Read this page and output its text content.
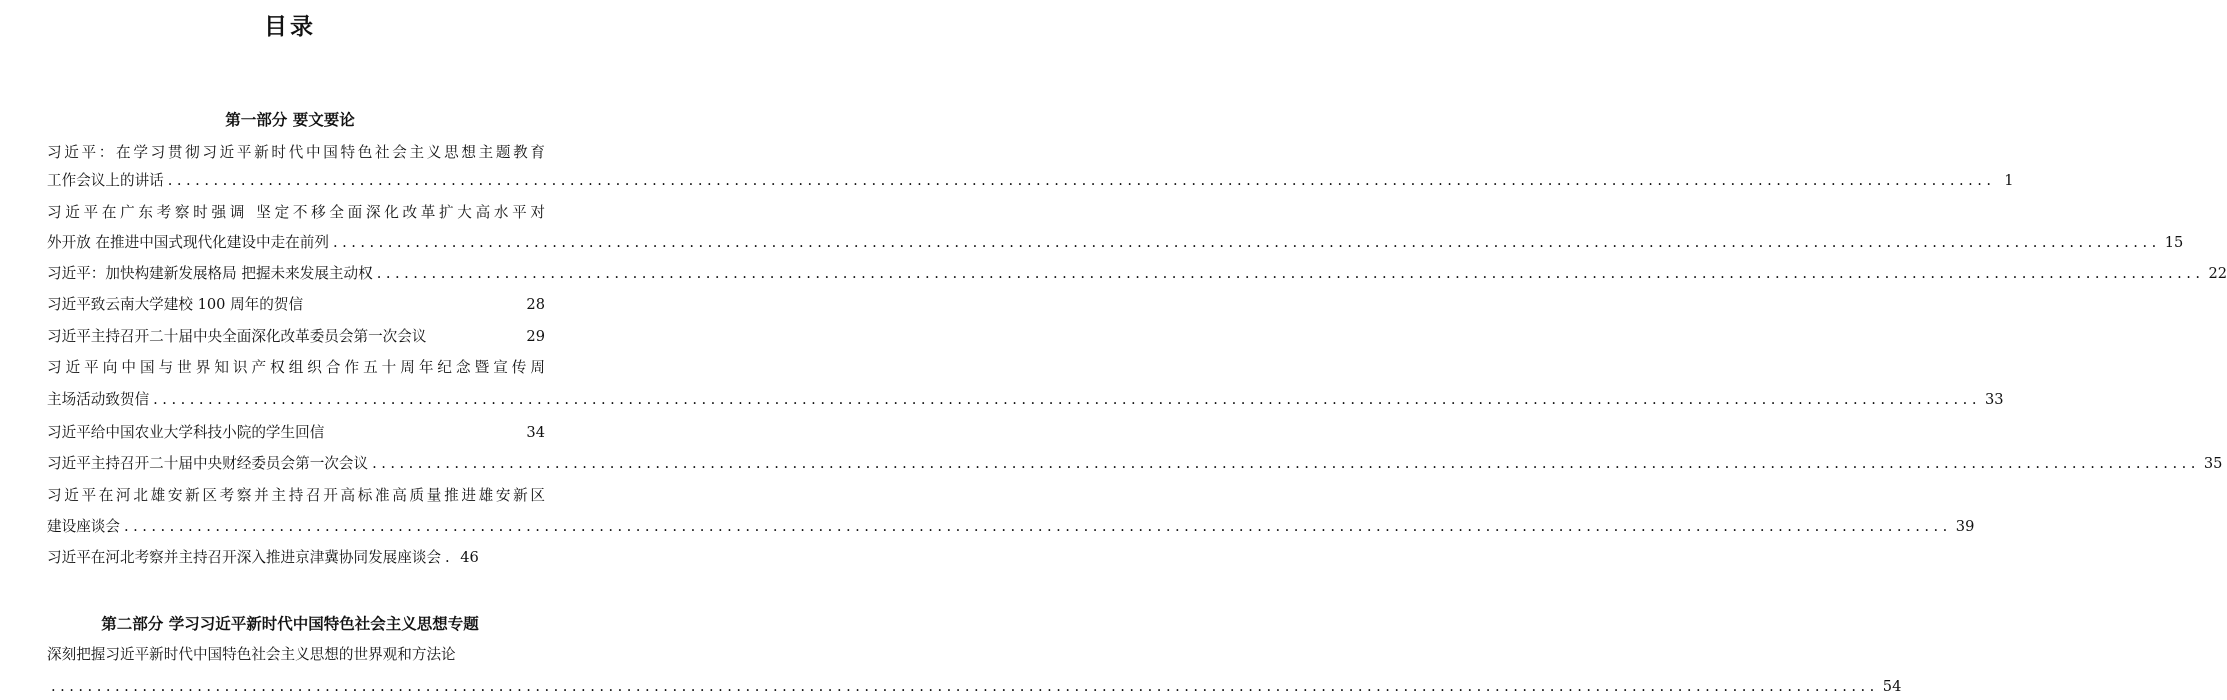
目录
第一部分 要文要论
习近平：在学习贯彻习近平新时代中国特色社会主义思想主题教育
工作会议上的讲话 ........................................................................................................................................................................................................ 1
习近平在广东考察时强调 坚定不移全面深化改革扩大高水平对
外开放 在推进中国式现代化建设中走在前列 ........................................................................................................................................................................................................ 15
习近平：加快构建新发展格局 把握未来发展主动权 ........................................................................................................................................................................................................ 22
习近平致云南大学建校 100 周年的贺信	28
习近平主持召开二十届中央全面深化改革委员会第一次会议	29
习近平向中国与世界知识产权组织合作五十周年纪念暨宣传周
主场活动致贺信 ........................................................................................................................................................................................................ 33
习近平给中国农业大学科技小院的学生回信	34
习近平主持召开二十届中央财经委员会第一次会议 ........................................................................................................................................................................................................ 35
习近平在河北雄安新区考察并主持召开高标准高质量推进雄安新区
建设座谈会 ........................................................................................................................................................................................................ 39
习近平在河北考察并主持召开深入推进京津冀协同发展座谈会 . 46
第二部分 学习习近平新时代中国特色社会主义思想专题
深刻把握习近平新时代中国特色社会主义思想的世界观和方法论
........................................................................................................................................................................................................ 54
